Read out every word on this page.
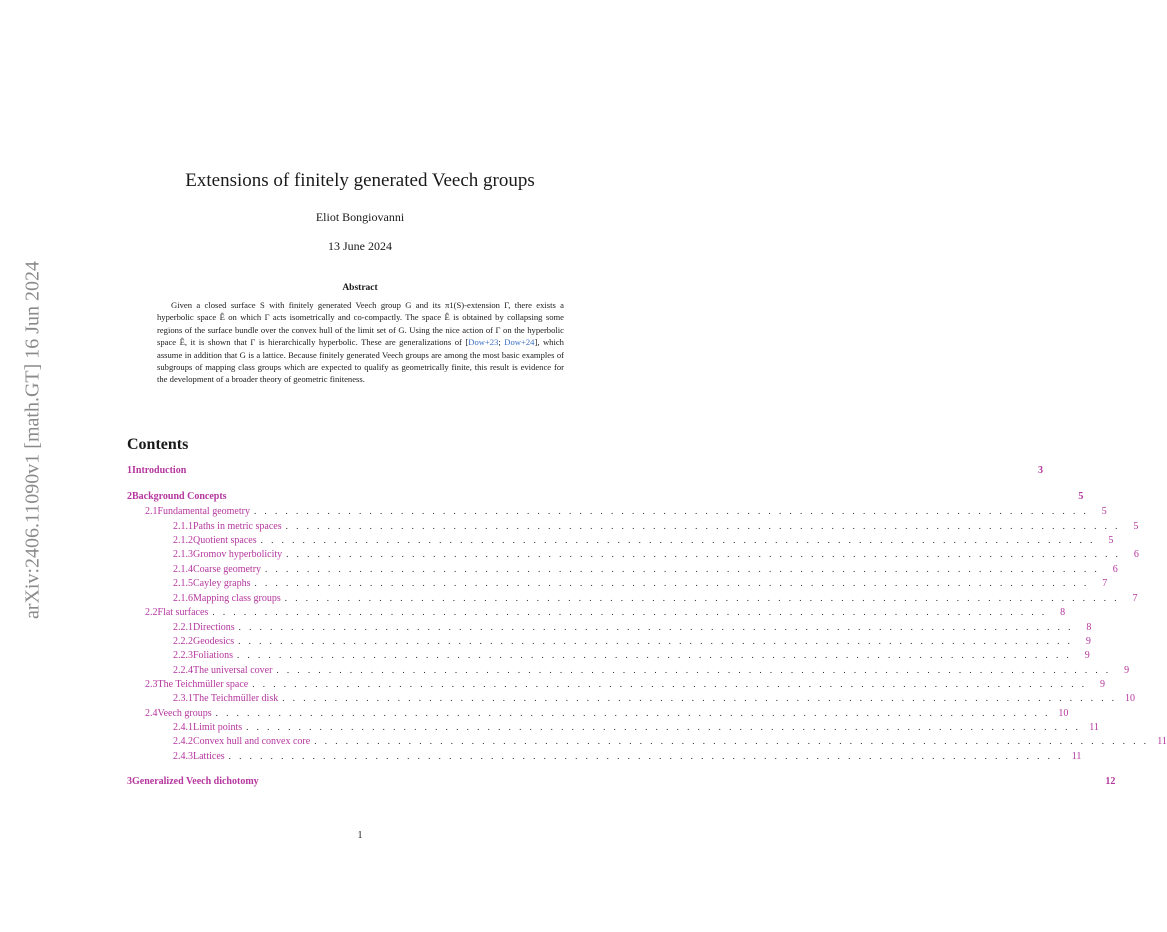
arXiv:2406.11090v1 [math.GT] 16 Jun 2024
Extensions of finitely generated Veech groups
Eliot Bongiovanni
13 June 2024
Abstract

Given a closed surface S with finitely generated Veech group G and its π1(S)-extension Γ, there exists a hyperbolic space Ê on which Γ acts isometrically and co-compactly. The space Ê is obtained by collapsing some regions of the surface bundle over the convex hull of the limit set of G. Using the nice action of Γ on the hyperbolic space Ê, it is shown that Γ is hierarchically hyperbolic. These are generalizations of [Dow+23; Dow+24], which assume in addition that G is a lattice. Because finitely generated Veech groups are among the most basic examples of subgroups of mapping class groups which are expected to qualify as geometrically finite, this result is evidence for the development of a broader theory of geometric finiteness.

Contents
1 Introduction	3
2 Background Concepts	5
2.1 Fundamental geometry . . . . . . . . . . . . . . . . . . . . . . . . . . . . . . . . . . . . . . . . . . . . . . . . . . . . . . . . . . . . . . . . . . . . . . . . . . . . . . . .	5
2.1.1 Paths in metric spaces . . . . . . . . . . . . . . . . . . . . . . . . . . . . . . . . . . . . . . . . . . . . . . . . . . . . . . . . . . . . . . . . . . . . . . . . . . . . . . . .	5
2.1.2 Quotient spaces . . . . . . . . . . . . . . . . . . . . . . . . . . . . . . . . . . . . . . . . . . . . . . . . . . . . . . . . . . . . . . . . . . . . . . . . . . . . . . . .	5
2.1.3 Gromov hyperbolicity . . . . . . . . . . . . . . . . . . . . . . . . . . . . . . . . . . . . . . . . . . . . . . . . . . . . . . . . . . . . . . . . . . . . . . . . . . . . . . . .	6
2.1.4 Coarse geometry . . . . . . . . . . . . . . . . . . . . . . . . . . . . . . . . . . . . . . . . . . . . . . . . . . . . . . . . . . . . . . . . . . . . . . . . . . . . . . . .	6
2.1.5 Cayley graphs . . . . . . . . . . . . . . . . . . . . . . . . . . . . . . . . . . . . . . . . . . . . . . . . . . . . . . . . . . . . . . . . . . . . . . . . . . . . . . . .	7
2.1.6 Mapping class groups . . . . . . . . . . . . . . . . . . . . . . . . . . . . . . . . . . . . . . . . . . . . . . . . . . . . . . . . . . . . . . . . . . . . . . . . . . . . . . . .	7
2.2 Flat surfaces . . . . . . . . . . . . . . . . . . . . . . . . . . . . . . . . . . . . . . . . . . . . . . . . . . . . . . . . . . . . . . . . . . . . . . . . . . . . . . . .	8
2.2.1 Directions . . . . . . . . . . . . . . . . . . . . . . . . . . . . . . . . . . . . . . . . . . . . . . . . . . . . . . . . . . . . . . . . . . . . . . . . . . . . . . . .	8
2.2.2 Geodesics . . . . . . . . . . . . . . . . . . . . . . . . . . . . . . . . . . . . . . . . . . . . . . . . . . . . . . . . . . . . . . . . . . . . . . . . . . . . . . . .	9
2.2.3 Foliations . . . . . . . . . . . . . . . . . . . . . . . . . . . . . . . . . . . . . . . . . . . . . . . . . . . . . . . . . . . . . . . . . . . . . . . . . . . . . . . .	9
2.2.4 The universal cover . . . . . . . . . . . . . . . . . . . . . . . . . . . . . . . . . . . . . . . . . . . . . . . . . . . . . . . . . . . . . . . . . . . . . . . . . . . . . . . .	9
2.3 The Teichmüller space . . . . . . . . . . . . . . . . . . . . . . . . . . . . . . . . . . . . . . . . . . . . . . . . . . . . . . . . . . . . . . . . . . . . . . . . . . . . . . . .	9
2.3.1 The Teichmüller disk . . . . . . . . . . . . . . . . . . . . . . . . . . . . . . . . . . . . . . . . . . . . . . . . . . . . . . . . . . . . . . . . . . . . . . . . . . . . . . . . 10
2.4 Veech groups . . . . . . . . . . . . . . . . . . . . . . . . . . . . . . . . . . . . . . . . . . . . . . . . . . . . . . . . . . . . . . . . . . . . . . . . . . . . . . . . 10
2.4.1 Limit points . . . . . . . . . . . . . . . . . . . . . . . . . . . . . . . . . . . . . . . . . . . . . . . . . . . . . . . . . . . . . . . . . . . . . . . . . . . . . . . . 11
2.4.2 Convex hull and convex core . . . . . . . . . . . . . . . . . . . . . . . . . . . . . . . . . . . . . . . . . . . . . . . . . . . . . . . . . . . . . . . . . . . . . . . . . . . . . . . . 11
2.4.3 Lattices . . . . . . . . . . . . . . . . . . . . . . . . . . . . . . . . . . . . . . . . . . . . . . . . . . . . . . . . . . . . . . . . . . . . . . . . . . . . . . . . 11
3 Generalized Veech dichotomy	12
1
